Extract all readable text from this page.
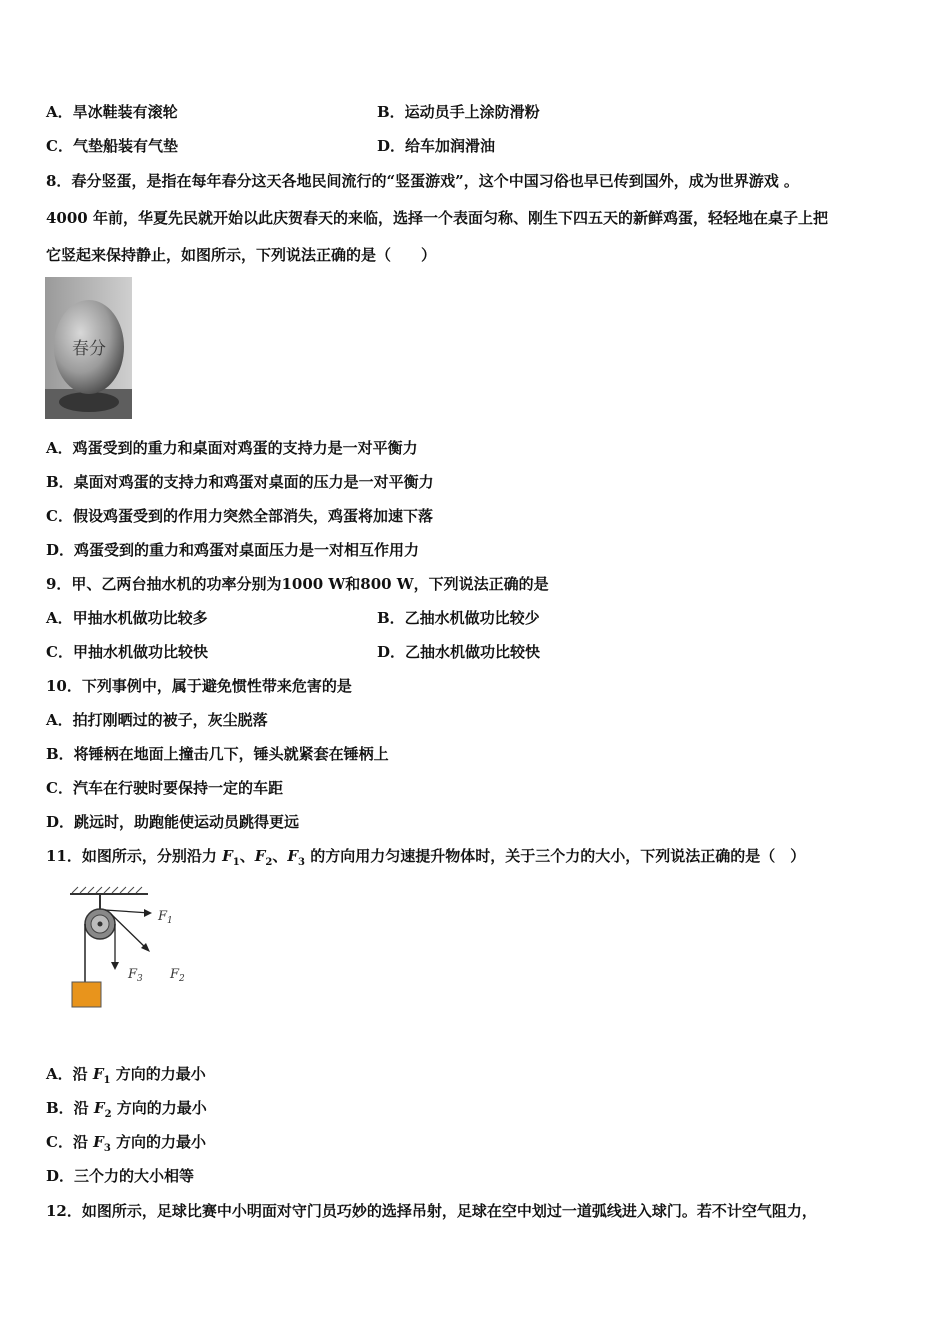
A．旱冰鞋装有滚轮	B．运动员手上涂防滑粉
C．气垫船装有气垫	D．给车加润滑油
8．春分竖蛋，是指在每年春分这天各地民间流行的“竖蛋游戏”，这个中国习俗也早已传到国外，成为世界游戏 。
4000 年前，华夏先民就开始以此庆贺春天的来临，选择一个表面匀称、刚生下四五天的新鲜鸡蛋，轻轻地在桌子上把
它竖起来保持静止，如图所示，下列说法正确的是（　　）
春分
A．鸡蛋受到的重力和桌面对鸡蛋的支持力是一对平衡力
B．桌面对鸡蛋的支持力和鸡蛋对桌面的压力是一对平衡力
C．假设鸡蛋受到的作用力突然全部消失，鸡蛋将加速下落
D．鸡蛋受到的重力和鸡蛋对桌面压力是一对相互作用力
9．甲、乙两台抽水机的功率分别为1000 W和800 W，下列说法正确的是
A．甲抽水机做功比较多	B．乙抽水机做功比较少
C．甲抽水机做功比较快	D．乙抽水机做功比较快
10．下列事例中，属于避免惯性带来危害的是
A．拍打刚晒过的被子，灰尘脱落
B．将锤柄在地面上撞击几下，锤头就紧套在锤柄上
C．汽车在行驶时要保持一定的车距
D．跳远时，助跑能使运动员跳得更远
11．如图所示，分别沿力 $F_1$、$F_2$、$F_3$ 的方向用力匀速提升物体时，关于三个力的大小，下列说法正确的是（　）
$F_1$
$F_2$
$F_3$
A．沿 $F_1$ 方向的力最小
B．沿 $F_2$ 方向的力最小
C．沿 $F_3$ 方向的力最小
D．三个力的大小相等
12．如图所示，足球比赛中小明面对守门员巧妙的选择吊射，足球在空中划过一道弧线进入球门。若不计空气阻力，
